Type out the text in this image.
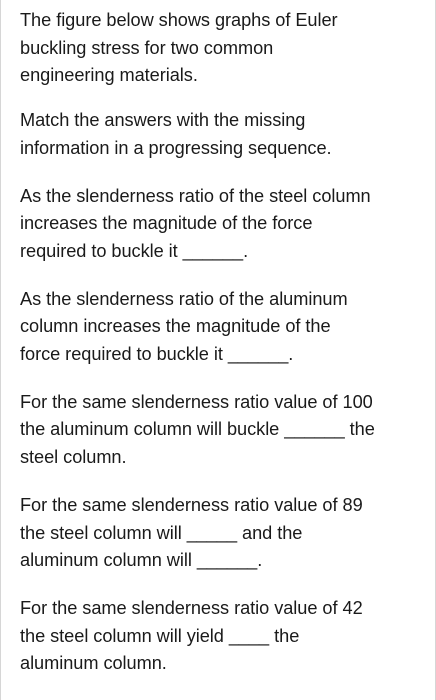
The figure below shows graphs of Euler
buckling stress for two common
engineering materials.

Match the answers with the missing
information in a progressing sequence.

As the slenderness ratio of the steel column
increases the magnitude of the force
required to buckle it ______.

As the slenderness ratio of the aluminum
column increases the magnitude of the
force required to buckle it ______.

For the same slenderness ratio value of 100
the aluminum column will buckle ______ the
steel column.

For the same slenderness ratio value of 89
the steel column will _____ and the
aluminum column will ______.

For the same slenderness ratio value of 42
the steel column will yield ____ the
aluminum column.
